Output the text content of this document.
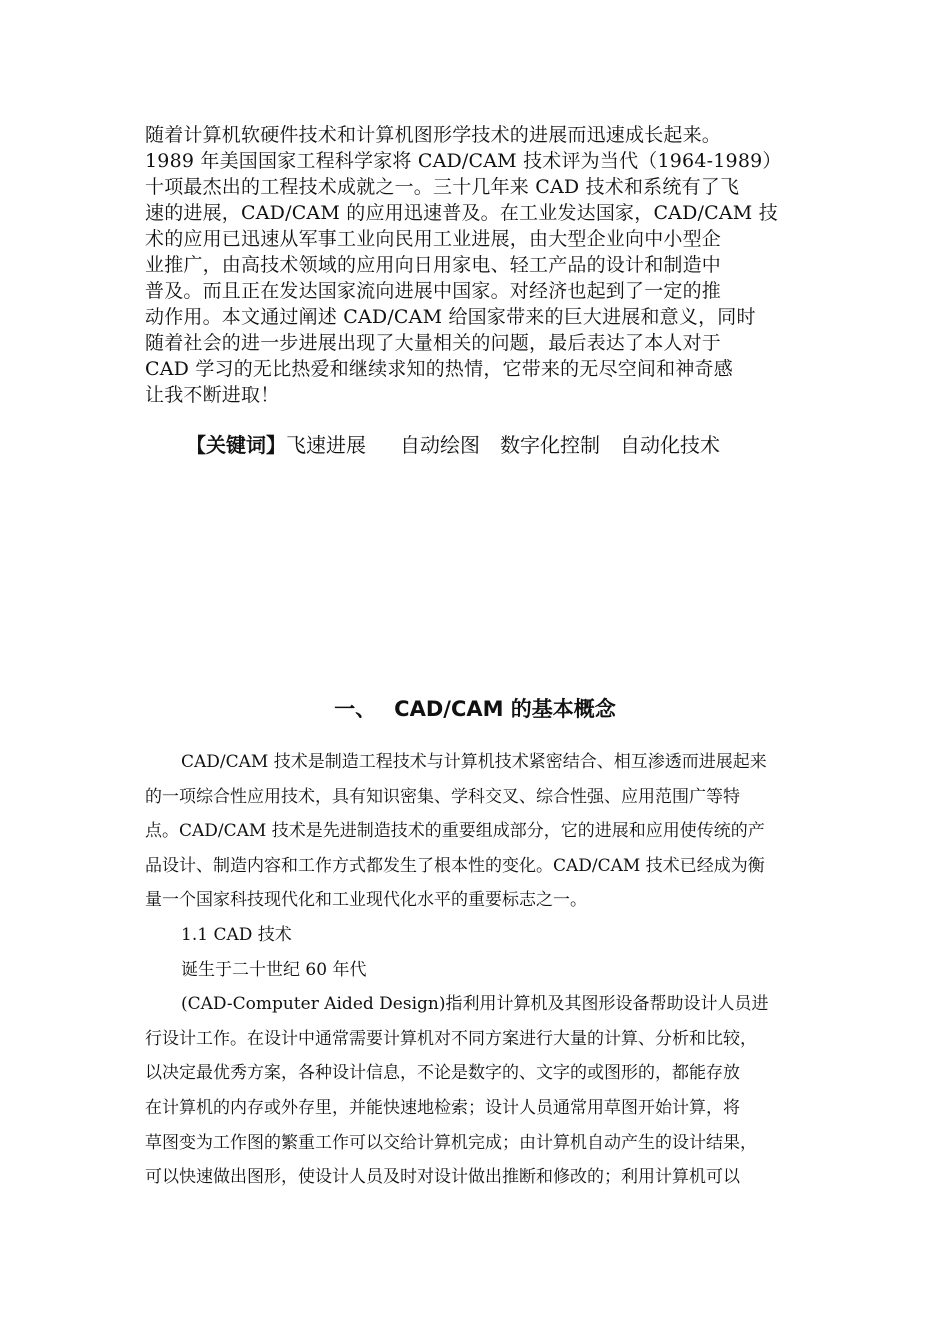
随着计算机软硬件技术和计算机图形学技术的进展而迅速成长起来。
1989 年美国国家工程科学家将 CAD/CAM 技术评为当代（1964-1989）
十项最杰出的工程技术成就之一。三十几年来 CAD 技术和系统有了飞
速的进展，CAD/CAM 的应用迅速普及。在工业发达国家，CAD/CAM 技
术的应用已迅速从军事工业向民用工业进展，由大型企业向中小型企
业推广，由高技术领域的应用向日用家电、轻工产品的设计和制造中
普及。而且正在发达国家流向进展中国家。对经济也起到了一定的推
动作用。本文通过阐述 CAD/CAM 给国家带来的巨大进展和意义，同时
随着社会的进一步进展出现了大量相关的问题，最后表达了本人对于
CAD 学习的无比热爱和继续求知的热情，它带来的无尽空间和神奇感
让我不断进取！
【关键词】飞速进展 自动绘图 数字化控制 自动化技术
一、 CAD/CAM 的基本概念
CAD/CAM 技术是制造工程技术与计算机技术紧密结合、相互渗透而进展起来
的一项综合性应用技术，具有知识密集、学科交叉、综合性强、应用范围广等特
点。CAD/CAM 技术是先进制造技术的重要组成部分，它的进展和应用使传统的产
品设计、制造内容和工作方式都发生了根本性的变化。CAD/CAM 技术已经成为衡
量一个国家科技现代化和工业现代化水平的重要标志之一。
1.1 CAD 技术
诞生于二十世纪 60 年代
(CAD-Computer Aided Design)指利用计算机及其图形设备帮助设计人员进
行设计工作。在设计中通常需要计算机对不同方案进行大量的计算、分析和比较，
以决定最优秀方案，各种设计信息，不论是数字的、文字的或图形的，都能存放
在计算机的内存或外存里，并能快速地检索；设计人员通常用草图开始计算，将
草图变为工作图的繁重工作可以交给计算机完成；由计算机自动产生的设计结果，
可以快速做出图形，使设计人员及时对设计做出推断和修改的；利用计算机可以
